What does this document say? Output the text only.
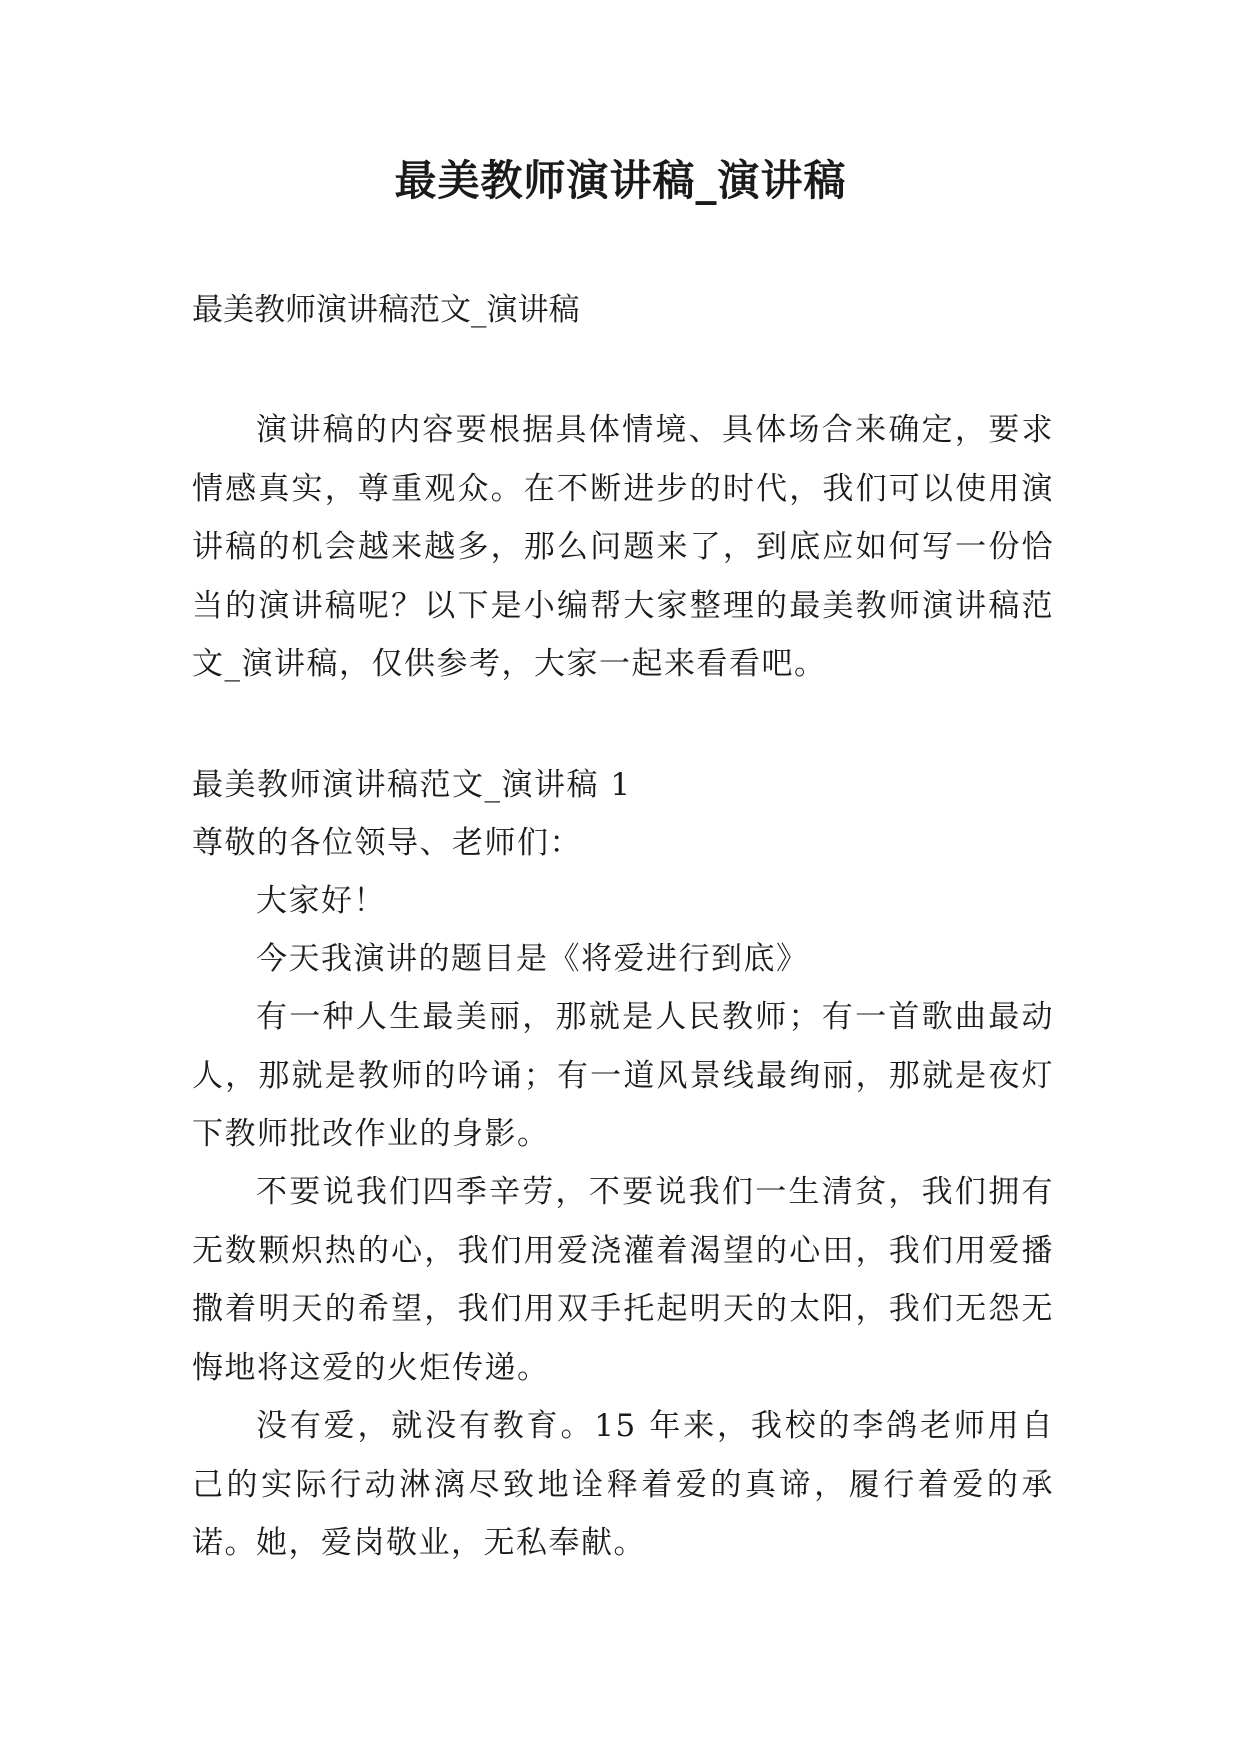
最美教师演讲稿_演讲稿

最美教师演讲稿范文_演讲稿

演讲稿的内容要根据具体情境、具体场合来确定，要求情感真实，尊重观众。在不断进步的时代，我们可以使用演讲稿的机会越来越多，那么问题来了，到底应如何写一份恰当的演讲稿呢？以下是小编帮大家整理的最美教师演讲稿范文_演讲稿，仅供参考，大家一起来看看吧。

最美教师演讲稿范文_演讲稿 1

尊敬的各位领导、老师们：

大家好！

今天我演讲的题目是《将爱进行到底》

有一种人生最美丽，那就是人民教师；有一首歌曲最动人，那就是教师的吟诵；有一道风景线最绚丽，那就是夜灯下教师批改作业的身影。

不要说我们四季辛劳，不要说我们一生清贫，我们拥有无数颗炽热的心，我们用爱浇灌着渴望的心田，我们用爱播撒着明天的希望，我们用双手托起明天的太阳，我们无怨无悔地将这爱的火炬传递。

没有爱，就没有教育。15 年来，我校的李鸽老师用自己的实际行动淋漓尽致地诠释着爱的真谛，履行着爱的承诺。 她，爱岗敬业，无私奉献。
